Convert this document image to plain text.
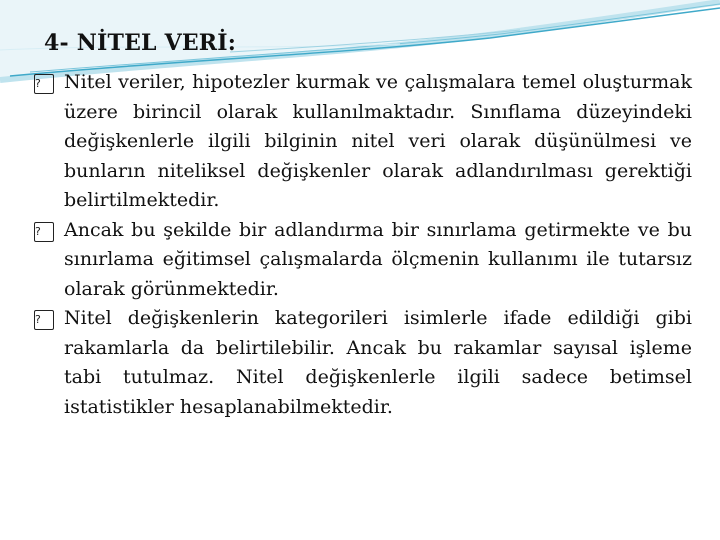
4- NİTEL VERİ:

?	Nitel veriler, hipotezler kurmak ve çalışmalara temel oluşturmak üzere birincil olarak kullanılmaktadır. Sınıflama düzeyindeki değişkenlerle ilgili bilginin nitel veri olarak düşünülmesi ve bunların niteliksel değişkenler olarak adlandırılması gerektiği belirtilmektedir.

?	Ancak bu şekilde bir adlandırma bir sınırlama getirmekte ve bu sınırlama eğitimsel çalışmalarda ölçmenin kullanımı ile tutarsız olarak görünmektedir.

?	Nitel değişkenlerin kategorileri isimlerle ifade edildiği gibi rakamlarla da belirtilebilir. Ancak bu rakamlar sayısal işleme tabi tutulmaz. Nitel değişkenlerle ilgili sadece betimsel istatistikler hesaplanabilmektedir.
